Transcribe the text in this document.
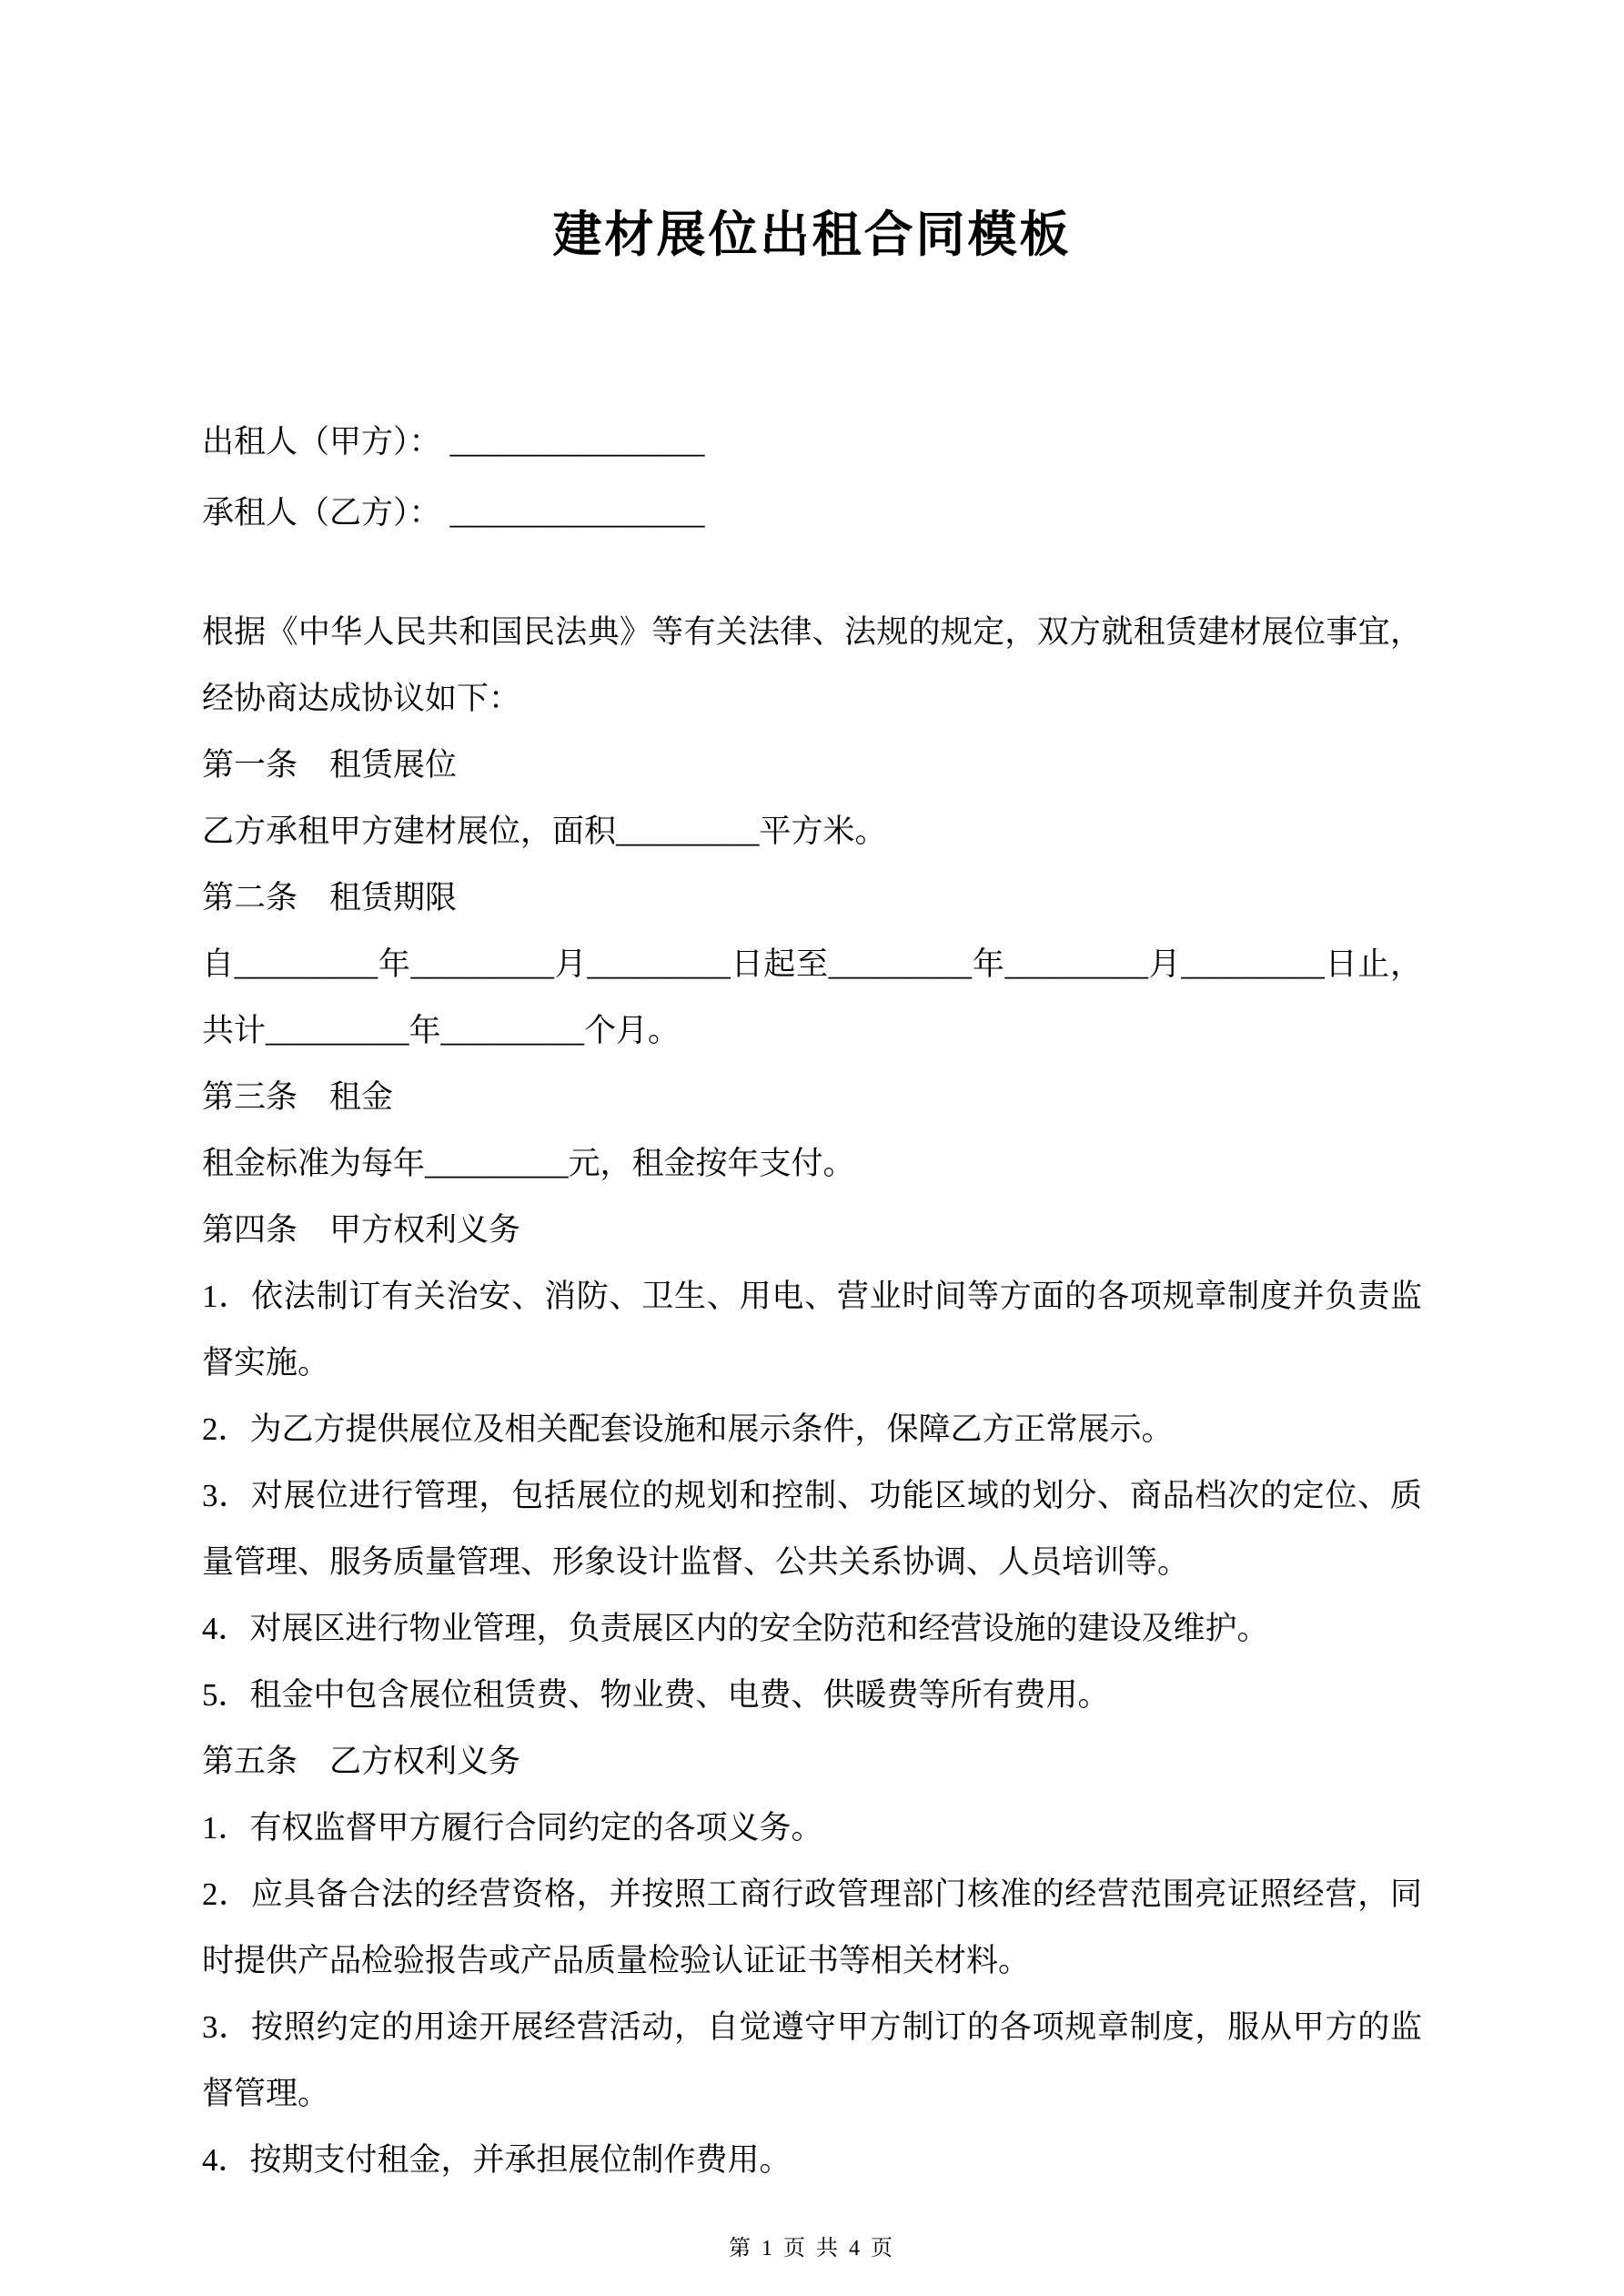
建材展位出租合同模板

出租人（甲方）： ________________

承租人（乙方）： ________________

根据《中华人民共和国民法典》等有关法律、法规的规定，双方就租赁建材展位事宜，经协商达成协议如下：

第一条　租赁展位

乙方承租甲方建材展位，面积_________平方米。

第二条　租赁期限

自_________年_________月_________日起至_________年_________月_________日止，共计_________年_________个月。

第三条　租金

租金标准为每年_________元，租金按年支付。

第四条　甲方权利义务

1．依法制订有关治安、消防、卫生、用电、营业时间等方面的各项规章制度并负责监督实施。

2．为乙方提供展位及相关配套设施和展示条件，保障乙方正常展示。

3．对展位进行管理，包括展位的规划和控制、功能区域的划分、商品档次的定位、质量管理、服务质量管理、形象设计监督、公共关系协调、人员培训等。

4．对展区进行物业管理，负责展区内的安全防范和经营设施的建设及维护。

5．租金中包含展位租赁费、物业费、电费、供暖费等所有费用。

第五条　乙方权利义务

1．有权监督甲方履行合同约定的各项义务。

2．应具备合法的经营资格，并按照工商行政管理部门核准的经营范围亮证照经营，同时提供产品检验报告或产品质量检验认证证书等相关材料。

3．按照约定的用途开展经营活动，自觉遵守甲方制订的各项规章制度，服从甲方的监督管理。

4．按期支付租金，并承担展位制作费用。

第 1 页 共 4 页
